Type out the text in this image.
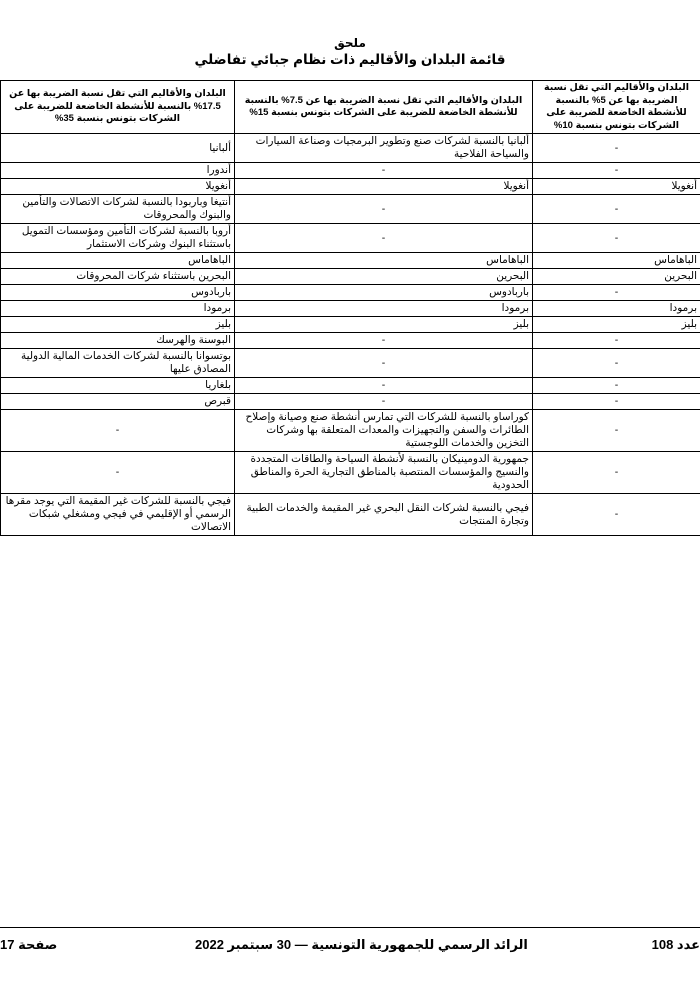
ملحق
قائمة البلدان والأقاليم ذات نظام جبائي تفاضلي
البلدان والأقاليم التي تقل نسبة الضريبة بها عن 5% بالنسبة للأنشطة الخاضعة للضريبة على الشركات بتونس بنسبة 10%	البلدان والأقاليم التي تقل نسبة الضريبة بها عن 7.5% بالنسبة للأنشطة الخاضعة للضريبة على الشركات بتونس بنسبة 15%	البلدان والأقاليم التي تقل نسبة الضريبة بها عن 17.5% بالنسبة للأنشطة الخاضعة للضريبة على الشركات بتونس بنسبة 35%
-	ألبانيا بالنسبة لشركات صنع وتطوير البرمجيات وصناعة السيارات والسياحة الفلاحية	ألبانيا
-	-	أندورا
أنغويلا	أنغويلا	أنغويلا
-	-	أنتيغا وباربودا بالنسبة لشركات الاتصالات والتأمين والبنوك والمحروقات
-	-	أروبا بالنسبة لشركات التأمين ومؤسسات التمويل باستثناء البنوك وشركات الاستثمار
الباهاماس	الباهاماس	الباهاماس
البحرين	البحرين	البحرين باستثناء شركات المحروقات
-	باربادوس	باربادوس
برمودا	برمودا	برمودا
بليز	بليز	بليز
-	-	البوسنة والهرسك
-	-	بوتسوانا بالنسبة لشركات الخدمات المالية الدولية المصادق عليها
-	-	بلغاريا
-	-	قبرص
-	كوراساو بالنسبة للشركات التي تمارس أنشطة صنع وصيانة وإصلاح الطائرات والسفن والتجهيزات والمعدات المتعلقة بها وشركات التخزين والخدمات اللوجستية	-
-	جمهورية الدومينيكان بالنسبة لأنشطة السياحة والطاقات المتجددة والنسيج والمؤسسات المنتصبة بالمناطق التجارية الحرة والمناطق الحدودية	-
-	فيجي بالنسبة لشركات النقل البحري غير المقيمة والخدمات الطبية وتجارة المنتجات	فيجي بالنسبة للشركات غير المقيمة التي يوجد مقرها الرسمي أو الإقليمي في فيجي ومشغلي شبكات الاتصالات
عدد 108
الرائد الرسمي للجمهورية التونسية — 30 سبتمبر 2022
صفحة 17
